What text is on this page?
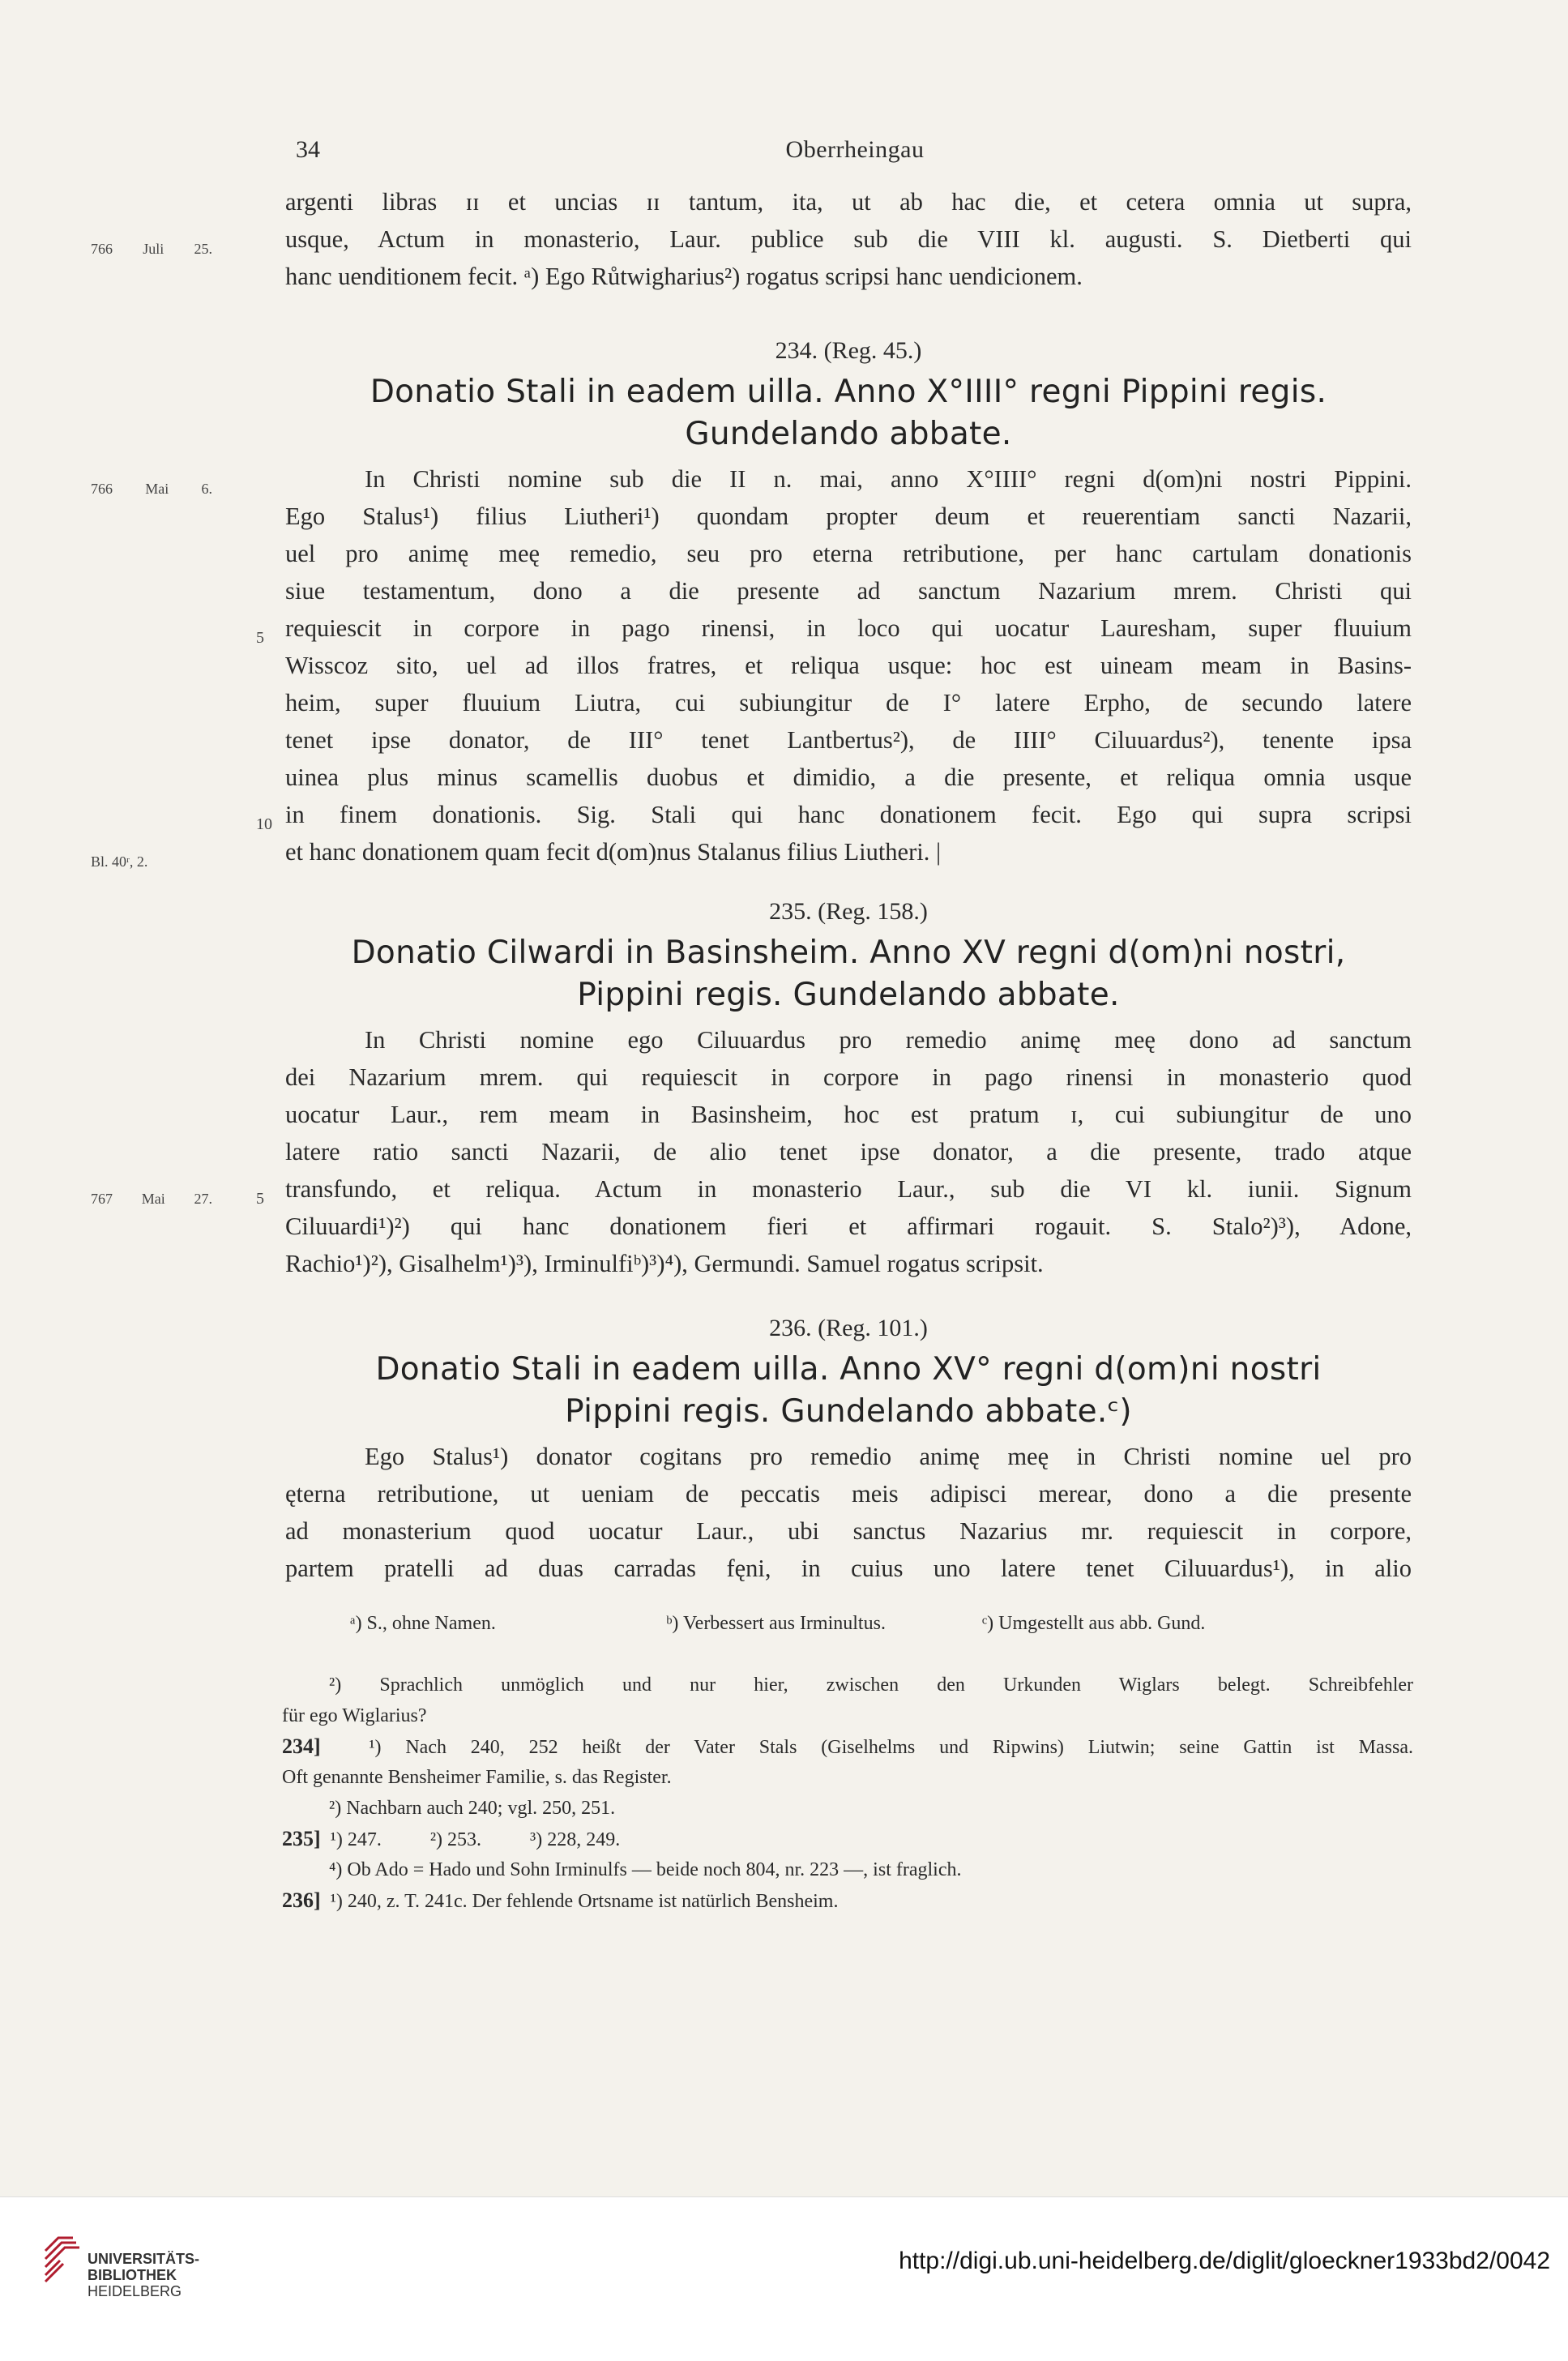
34	Oberrheingau
argenti libras ɪɪ et uncias ɪɪ tantum, ita, ut ab hac die, et cetera omnia ut supra,
766 Juli 25.	usque, Actum in monasterio, Laur. publice sub die VIII kl. augusti. S. Dietberti qui
hanc uenditionem fecit. ᵃ) Ego Růtwigharius²) rogatus scripsi hanc uendicionem.
234. (Reg. 45.)
Donatio Stali in eadem uilla. Anno X°IIII° regni Pippini regis.
Gundelando abbate.
766 Mai 6.	In Christi nomine sub die II n. mai, anno X°IIII° regni d(om)ni nostri Pippini.
Ego Stalus¹) filius Liutheri¹) quondam propter deum et reuerentiam sancti Nazarii,
uel pro animę meę remedio, seu pro eterna retributione, per hanc cartulam donationis
siue testamentum, dono a die presente ad sanctum Nazarium mrem. Christi qui
5 requiescit in corpore in pago rinensi, in loco qui uocatur Lauresham, super fluuium
Wisscoz sito, uel ad illos fratres, et reliqua usque: hoc est uineam meam in Basins-
heim, super fluuium Liutra, cui subiungitur de I° latere Erpho, de secundo latere
tenet ipse donator, de III° tenet Lantbertus²), de IIII° Ciluuardus²), tenente ipsa
uinea plus minus scamellis duobus et dimidio, a die presente, et reliqua omnia usque
10 in finem donationis. Sig. Stali qui hanc donationem fecit. Ego qui supra scripsi
Bl. 40ʳ, 2.	et hanc donationem quam fecit d(om)nus Stalanus filius Liutheri. |
235. (Reg. 158.)
Donatio Cilwardi in Basinsheim. Anno XV regni d(om)ni nostri,
Pippini regis. Gundelando abbate.
In Christi nomine ego Ciluuardus pro remedio animę meę dono ad sanctum
dei Nazarium mrem. qui requiescit in corpore in pago rinensi in monasterio quod
uocatur Laur., rem meam in Basinsheim, hoc est pratum ɪ, cui subiungitur de uno
latere ratio sancti Nazarii, de alio tenet ipse donator, a die presente, trado atque
767 Mai 27.	5 transfundo, et reliqua. Actum in monasterio Laur., sub die VI kl. iunii. Signum
Ciluuardi¹)²) qui hanc donationem fieri et affirmari rogauit. S. Stalo²)³), Adone,
Rachio¹)²), Gisalhelm¹)³), Irminulfiᵇ)³)⁴), Germundi. Samuel rogatus scripsit.
236. (Reg. 101.)
Donatio Stali in eadem uilla. Anno XV° regni d(om)ni nostri
Pippini regis. Gundelando abbate.ᶜ)
Ego Stalus¹) donator cogitans pro remedio animę meę in Christi nomine uel pro
ęterna retributione, ut ueniam de peccatis meis adipisci merear, dono a die presente
ad monasterium quod uocatur Laur., ubi sanctus Nazarius mr. requiescit in corpore,
partem pratelli ad duas carradas fęni, in cuius uno latere tenet Ciluuardus¹), in alio
ᵃ) S., ohne Namen.	ᵇ) Verbessert aus Irminultus.	ᶜ) Umgestellt aus abb. Gund.
²) Sprachlich unmöglich und nur hier, zwischen den Urkunden Wiglars belegt. Schreibfehler
für ego Wiglarius?
234] ¹) Nach 240, 252 heißt der Vater Stals (Giselhelms und Ripwins) Liutwin; seine Gattin ist Massa.
Oft genannte Bensheimer Familie, s. das Register.
²) Nachbarn auch 240; vgl. 250, 251.
235] ¹) 247.	²) 253.	³) 228, 249.
⁴) Ob Ado = Hado und Sohn Irminulfs — beide noch 804, nr. 223 —, ist fraglich.
236] ¹) 240, z. T. 241c. Der fehlende Ortsname ist natürlich Bensheim.
UNIVERSITÄTS-
BIBLIOTHEK
HEIDELBERG
http://digi.ub.uni-heidelberg.de/diglit/gloeckner1933bd2/0042
